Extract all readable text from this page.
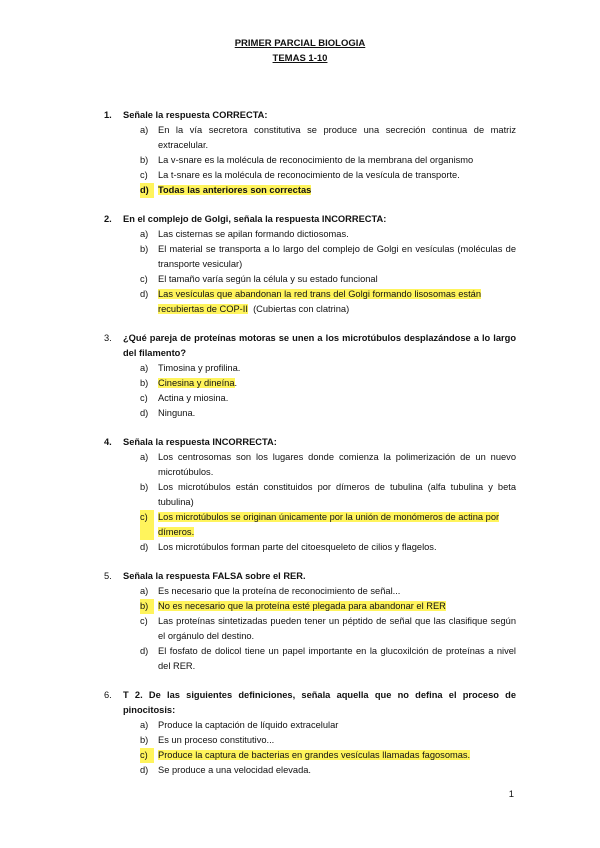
PRIMER PARCIAL BIOLOGIA
TEMAS 1-10
1.	Señale la respuesta CORRECTA:
a)	En la vía secretora constitutiva se produce una secreción continua de matriz extracelular.
b)	La v-snare es la molécula de reconocimiento de la membrana del organismo
c)	La t-snare es la molécula de reconocimiento de la vesícula de transporte.
d) Todas las anteriores son correctas
2.	En el complejo de Golgi, señala la respuesta INCORRECTA:
a)	Las cisternas se apilan formando dictiosomas.
b)	El material se transporta a lo largo del complejo de Golgi en vesículas (moléculas de transporte vesicular)
c)	El tamaño varía según la célula y su estado funcional
d)	Las vesículas que abandonan la red trans del Golgi formando lisosomas están recubiertas de COP-II (Cubiertas con clatrina)
3.	¿Qué pareja de proteínas motoras se unen a los microtúbulos desplazándose a lo largo del filamento?
a)	Timosina y profilina.
b)	Cinesina y dineína.
c)	Actina y miosina.
d)	Ninguna.
4.	Señala la respuesta INCORRECTA:
a)	Los centrosomas son los lugares donde comienza la polimerización de un nuevo microtúbulos.
b)	Los microtúbulos están constituidos por dímeros de tubulina (alfa tubulina y beta tubulina)
c)	Los microtúbulos se originan únicamente por la unión de monómeros de actina por dímeros.
d)	Los microtúbulos forman parte del citoesqueleto de cilios y flagelos.
5.	Señala la respuesta FALSA sobre el RER.
a)	Es necesario que la proteína de reconocimiento de señal...
b)	No es necesario que la proteína esté plegada para abandonar el RER
c)	Las proteínas sintetizadas pueden tener un péptido de señal que las clasifique según el orgánulo del destino.
d)	El fosfato de dolicol tiene un papel importante en la glucoxilción de proteínas a nivel del RER.
6.	T 2. De las siguientes definiciones, señala aquella que no defina el proceso de pinocitosis:
a)	Produce la captación de líquido extracelular
b)	Es un proceso constitutivo...
c)	Produce la captura de bacterias en grandes vesículas llamadas fagosomas.
d)	Se produce a una velocidad elevada.
1
